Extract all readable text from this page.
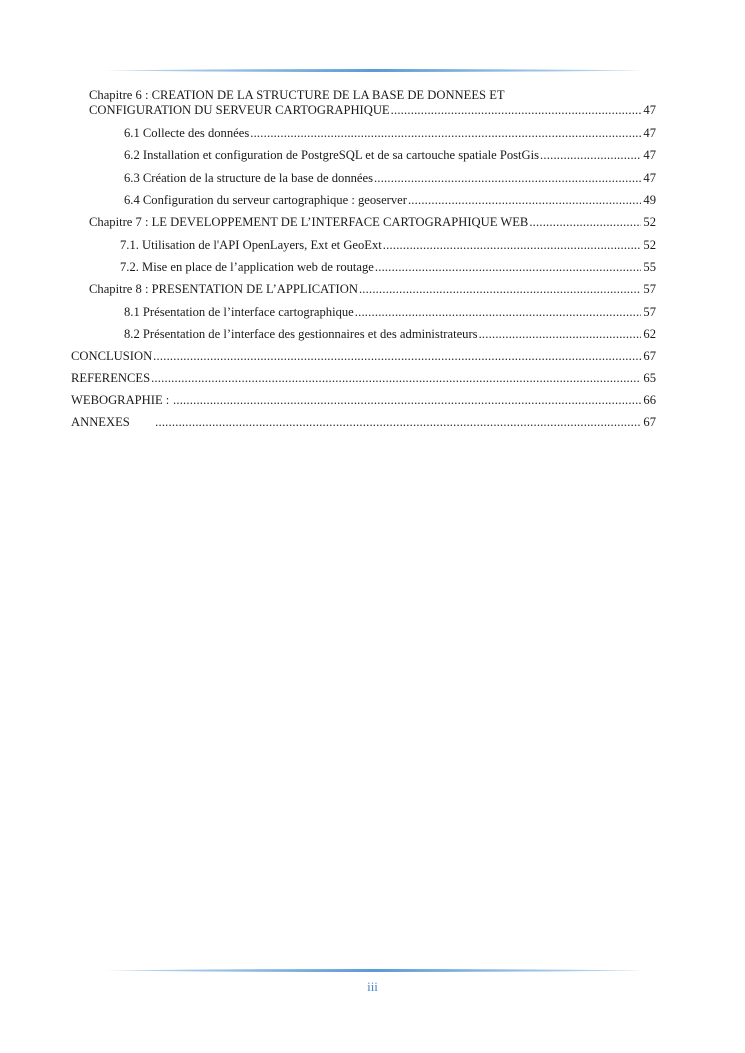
Chapitre 6 : CREATION DE LA STRUCTURE DE LA BASE DE DONNEES ET
CONFIGURATION DU SERVEUR CARTOGRAPHIQUE .....	47
6.1 Collecte des données .....	47
6.2 Installation et configuration de PostgreSQL et de sa cartouche spatiale PostGis .....	47
6.3 Création de la structure de la base de données .....	47
6.4 Configuration du serveur cartographique : geoserver .....	49
Chapitre 7 : LE DEVELOPPEMENT DE L’INTERFACE CARTOGRAPHIQUE WEB .....	52
7.1. Utilisation de l'API OpenLayers, Ext et GeoExt .....	52
7.2. Mise en place de l’application web de routage .....	55
Chapitre 8 : PRESENTATION DE L’APPLICATION .....	57
8.1 Présentation de l’interface cartographique .....	57
8.2 Présentation de l’interface des gestionnaires et des administrateurs .....	62
CONCLUSION .....	67
REFERENCES .....	65
WEBOGRAPHIE : .....	66
ANNEXES .....	67
iii
